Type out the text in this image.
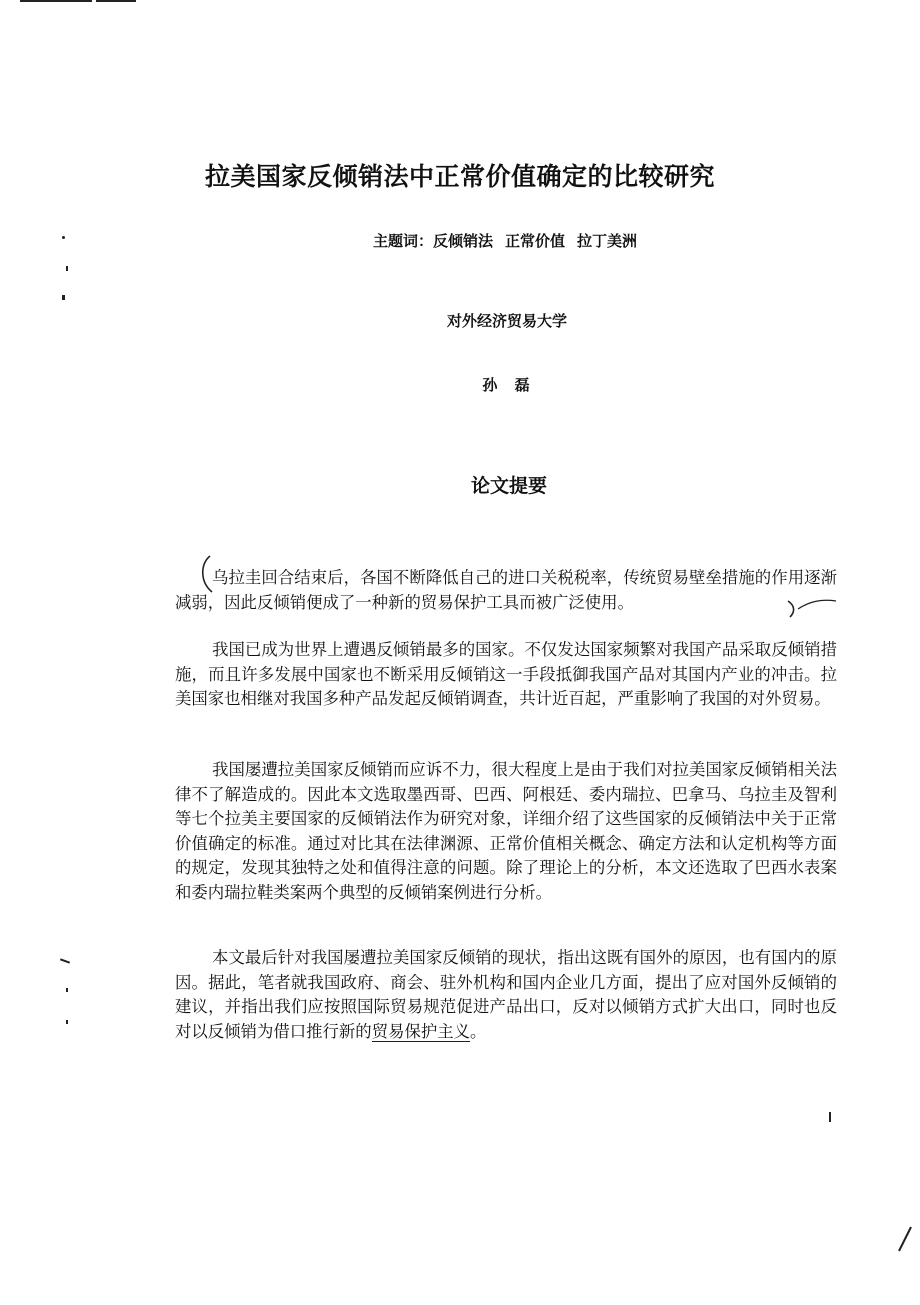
拉美国家反倾销法中正常价值确定的比较研究
主题词：反倾销法 正常价值 拉丁美洲
对外经济贸易大学
孙 磊
论文提要

乌拉圭回合结束后，各国不断降低自己的进口关税税率，传统贸易壁垒措施的作用逐渐减弱，因此反倾销便成了一种新的贸易保护工具而被广泛使用。

我国已成为世界上遭遇反倾销最多的国家。不仅发达国家频繁对我国产品采取反倾销措施，而且许多发展中国家也不断采用反倾销这一手段抵御我国产品对其国内产业的冲击。拉美国家也相继对我国多种产品发起反倾销调查，共计近百起，严重影响了我国的对外贸易。

我国屡遭拉美国家反倾销而应诉不力，很大程度上是由于我们对拉美国家反倾销相关法律不了解造成的。因此本文选取墨西哥、巴西、阿根廷、委内瑞拉、巴拿马、乌拉圭及智利等七个拉美主要国家的反倾销法作为研究对象，详细介绍了这些国家的反倾销法中关于正常价值确定的标准。通过对比其在法律渊源、正常价值相关概念、确定方法和认定机构等方面的规定，发现其独特之处和值得注意的问题。除了理论上的分析，本文还选取了巴西水表案和委内瑞拉鞋类案两个典型的反倾销案例进行分析。

本文最后针对我国屡遭拉美国家反倾销的现状，指出这既有国外的原因，也有国内的原因。据此，笔者就我国政府、商会、驻外机构和国内企业几方面，提出了应对国外反倾销的建议，并指出我们应按照国际贸易规范促进产品出口，反对以倾销方式扩大出口，同时也反对以反倾销为借口推行新的贸易保护主义。
